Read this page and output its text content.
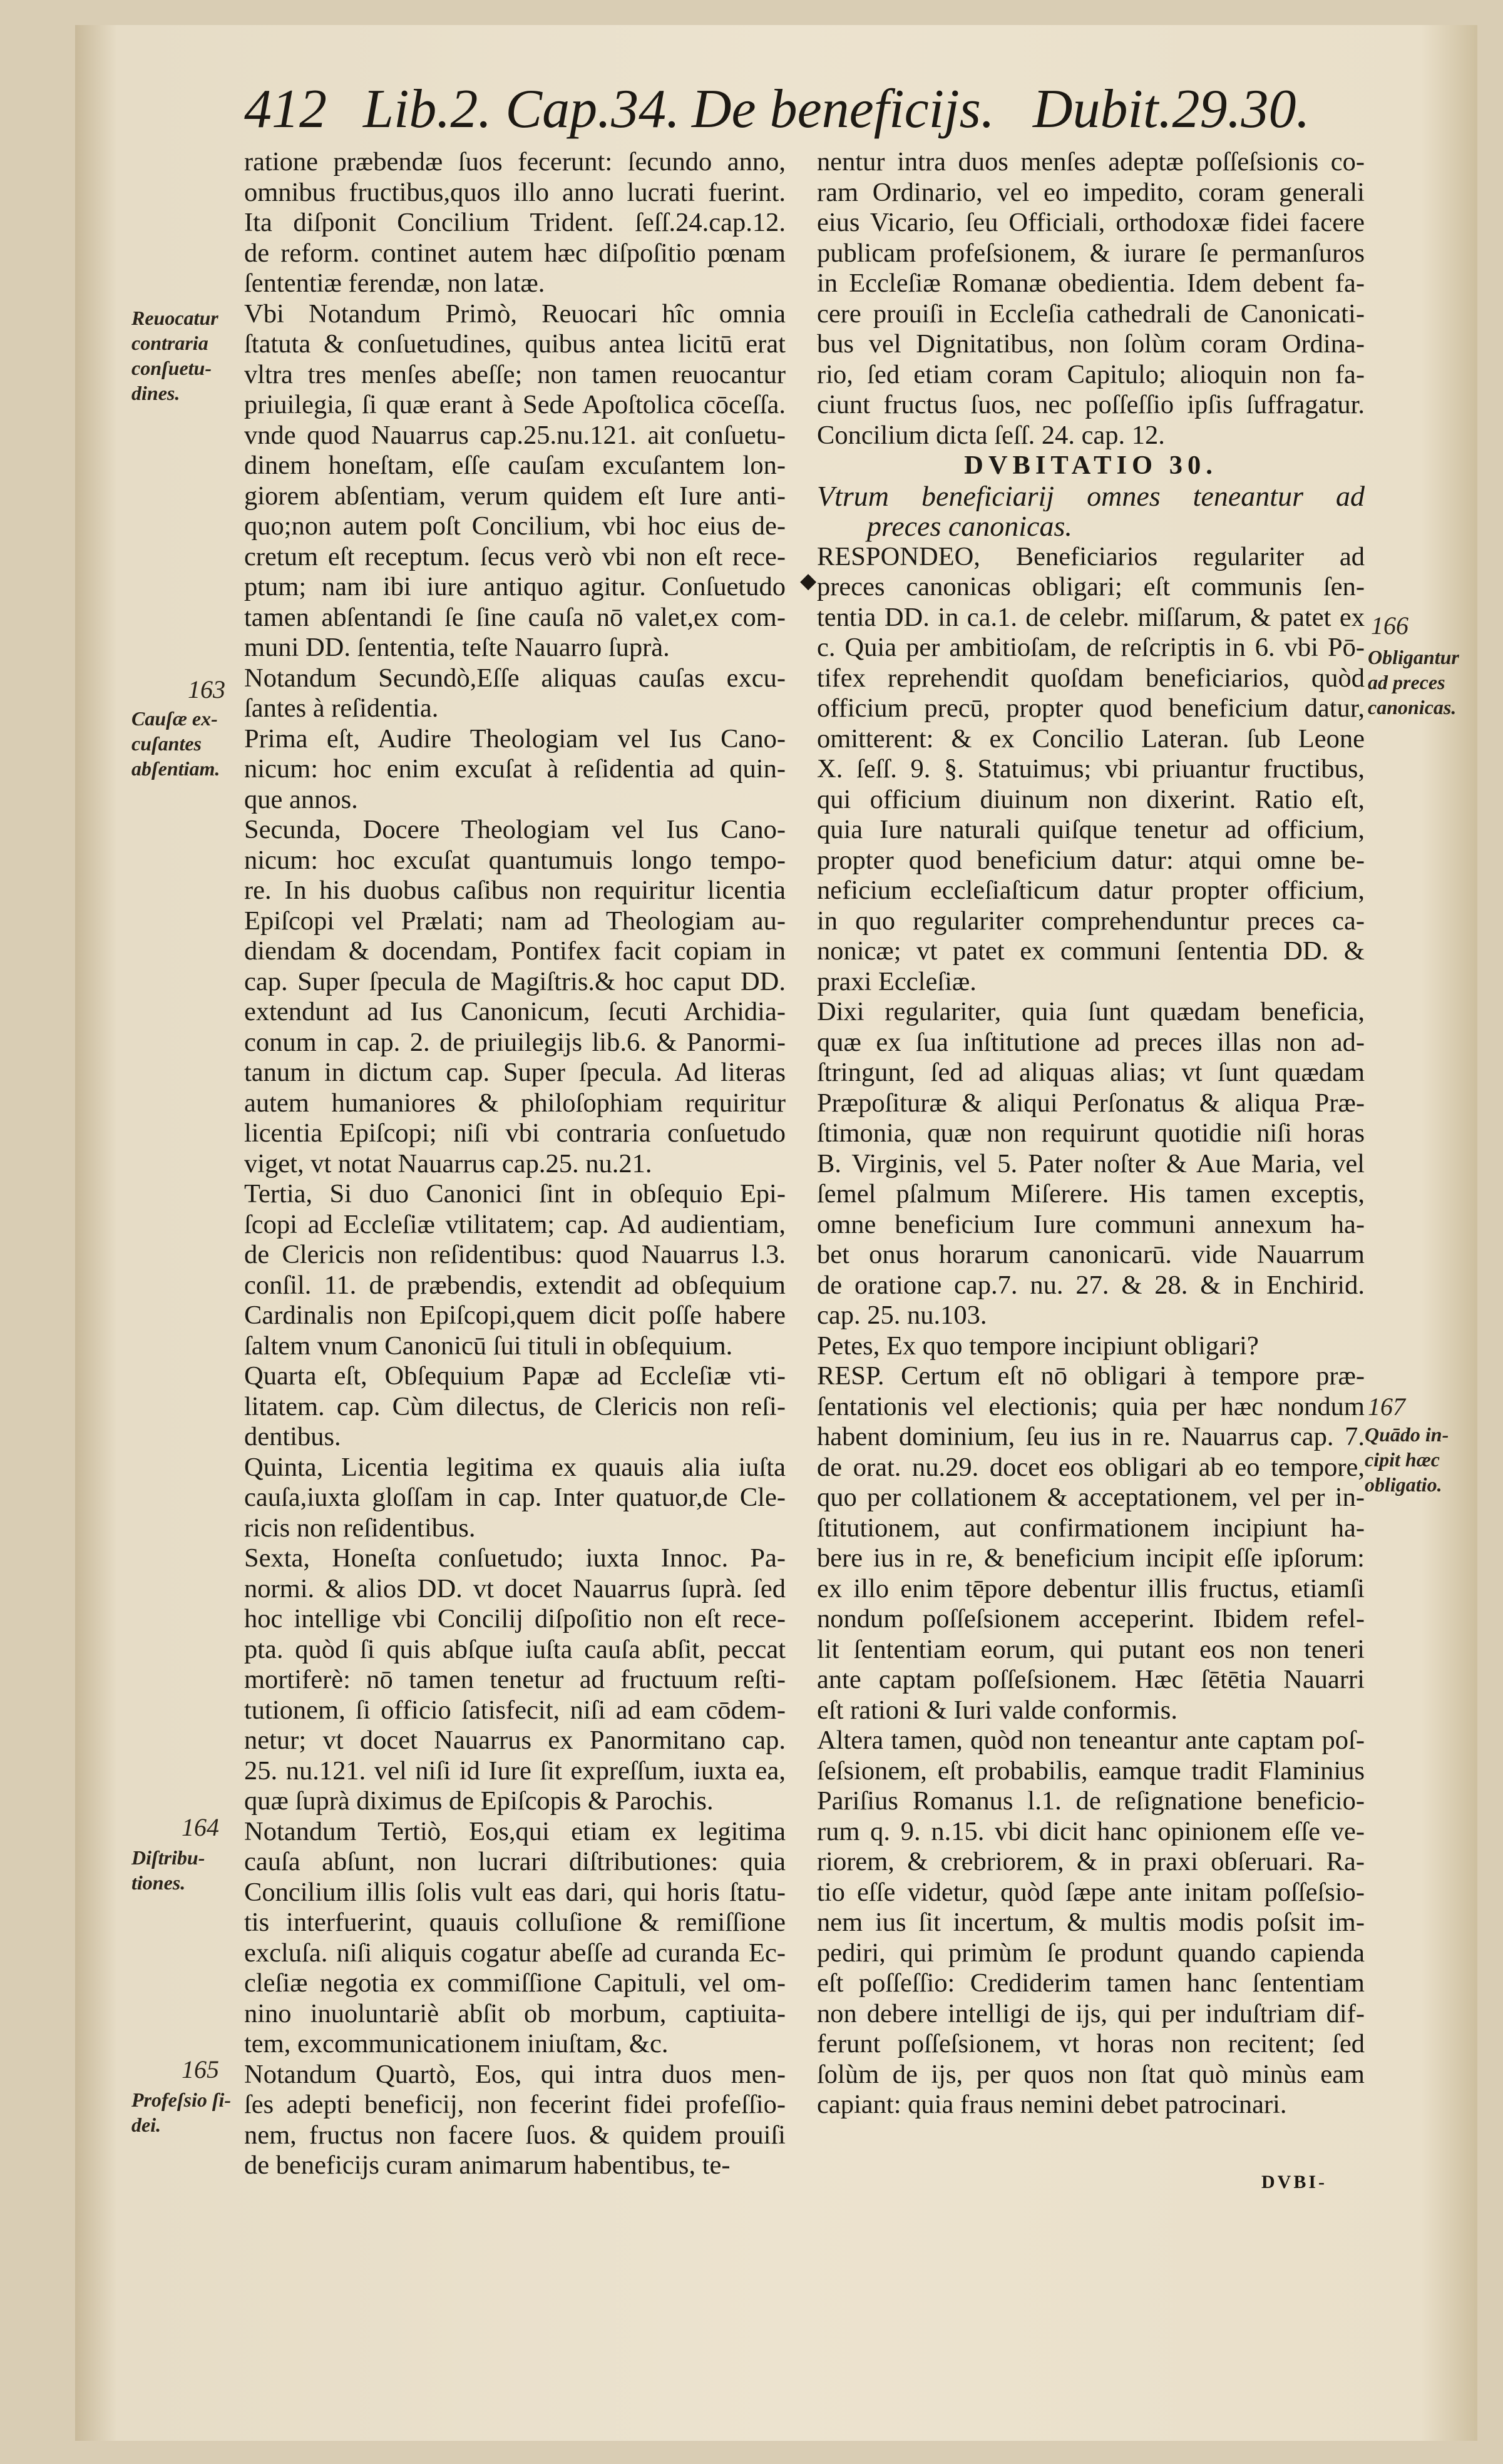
412 Lib.2. Cap.34. De beneficijs. Dubit.29.30.

ratione præbendæ ſuos fecerunt: ſecundo anno,

omnibus fructibus,quos illo anno lucrati fuerint.

Ita diſponit Concilium Trident. ſeſſ.24.cap.12.

de reform. continet autem hæc diſpoſitio pœnam

ſententiæ ferendæ, non latæ.

Vbi Notandum Primò, Reuocari hîc omnia

ſtatuta & conſuetudines, quibus antea licitū erat

vltra tres menſes abeſſe; non tamen reuocantur

priuilegia, ſi quæ erant à Sede Apoſtolica cōceſſa.

vnde quod Nauarrus cap.25.nu.121. ait conſuetu-

dinem honeſtam, eſſe cauſam excuſantem lon-

giorem abſentiam, verum quidem eſt Iure anti-

quo;non autem poſt Concilium, vbi hoc eius de-

cretum eſt receptum. ſecus verò vbi non eſt rece-

ptum; nam ibi iure antiquo agitur. Conſuetudo

tamen abſentandi ſe ſine cauſa nō valet,ex com-

muni DD. ſententia, teſte Nauarro ſuprà.

Notandum Secundò,Eſſe aliquas cauſas excu-

ſantes à reſidentia.

Prima eſt, Audire Theologiam vel Ius Cano-

nicum: hoc enim excuſat à reſidentia ad quin-

que annos.

Secunda, Docere Theologiam vel Ius Cano-

nicum: hoc excuſat quantumuis longo tempo-

re. In his duobus caſibus non requiritur licentia

Epiſcopi vel Prælati; nam ad Theologiam au-

diendam & docendam, Pontifex facit copiam in

cap. Super ſpecula de Magiſtris.& hoc caput DD.

extendunt ad Ius Canonicum, ſecuti Archidia-

conum in cap. 2. de priuilegijs lib.6. & Panormi-

tanum in dictum cap. Super ſpecula. Ad literas

autem humaniores & philoſophiam requiritur

licentia Epiſcopi; niſi vbi contraria conſuetudo

viget, vt notat Nauarrus cap.25. nu.21.

Tertia, Si duo Canonici ſint in obſequio Epi-

ſcopi ad Eccleſiæ vtilitatem; cap. Ad audientiam,

de Clericis non reſidentibus: quod Nauarrus l.3.

conſil. 11. de præbendis, extendit ad obſequium

Cardinalis non Epiſcopi,quem dicit poſſe habere

ſaltem vnum Canonicū ſui tituli in obſequium.

Quarta eſt, Obſequium Papæ ad Eccleſiæ vti-

litatem. cap. Cùm dilectus, de Clericis non reſi-

dentibus.

Quinta, Licentia legitima ex quauis alia iuſta

cauſa,iuxta gloſſam in cap. Inter quatuor,de Cle-

ricis non reſidentibus.

Sexta, Honeſta conſuetudo; iuxta Innoc. Pa-

normi. & alios DD. vt docet Nauarrus ſuprà. ſed

hoc intellige vbi Concilij diſpoſitio non eſt rece-

pta. quòd ſi quis abſque iuſta cauſa abſit, peccat

mortiferè: nō tamen tenetur ad fructuum reſti-

tutionem, ſi officio ſatisfecit, niſi ad eam cōdem-

netur; vt docet Nauarrus ex Panormitano cap.

25. nu.121. vel niſi id Iure ſit expreſſum, iuxta ea,

quæ ſuprà diximus de Epiſcopis & Parochis.

Notandum Tertiò, Eos,qui etiam ex legitima

cauſa abſunt, non lucrari diſtributiones: quia

Concilium illis ſolis vult eas dari, qui horis ſtatu-

tis interfuerint, quauis colluſione & remiſſione

excluſa. niſi aliquis cogatur abeſſe ad curanda Ec-

cleſiæ negotia ex commiſſione Capituli, vel om-

nino inuoluntariè abſit ob morbum, captiuita-

tem, excommunicationem iniuſtam, &c.

Notandum Quartò, Eos, qui intra duos men-

ſes adepti beneficij, non fecerint fidei profeſſio-

nem, fructus non facere ſuos. & quidem prouiſi

de beneficijs curam animarum habentibus, te-

nentur intra duos menſes adeptæ poſſeſsionis co-

ram Ordinario, vel eo impedito, coram generali

eius Vicario, ſeu Officiali, orthodoxæ fidei facere

publicam profeſsionem, & iurare ſe permanſuros

in Eccleſiæ Romanæ obedientia. Idem debent fa-

cere prouiſi in Eccleſia cathedrali de Canonicati-

bus vel Dignitatibus, non ſolùm coram Ordina-

rio, ſed etiam coram Capitulo; alioquin non fa-

ciunt fructus ſuos, nec poſſeſſio ipſis ſuffragatur.

Concilium dicta ſeſſ. 24. cap. 12.

DVBITATIO 30.

Vtrum beneficiarij omnes teneantur ad

preces canonicas.

RESPONDEO, Beneficiarios regulariter ad

preces canonicas obligari; eſt communis ſen-

tentia DD. in ca.1. de celebr. miſſarum, & patet ex

c. Quia per ambitioſam, de reſcriptis in 6. vbi Pō-

tifex reprehendit quoſdam beneficiarios, quòd

officium precū, propter quod beneficium datur,

omitterent: & ex Concilio Lateran. ſub Leone

X. ſeſſ. 9. §. Statuimus; vbi priuantur fructibus,

qui officium diuinum non dixerint. Ratio eſt,

quia Iure naturali quiſque tenetur ad officium,

propter quod beneficium datur: atqui omne be-

neficium eccleſiaſticum datur propter officium,

in quo regulariter comprehenduntur preces ca-

nonicæ; vt patet ex communi ſententia DD. &

praxi Eccleſiæ.

Dixi regulariter, quia ſunt quædam beneficia,

quæ ex ſua inſtitutione ad preces illas non ad-

ſtringunt, ſed ad aliquas alias; vt ſunt quædam

Præpoſituræ & aliqui Perſonatus & aliqua Præ-

ſtimonia, quæ non requirunt quotidie niſi horas

B. Virginis, vel 5. Pater noſter & Aue Maria, vel

ſemel pſalmum Miſerere. His tamen exceptis,

omne beneficium Iure communi annexum ha-

bet onus horarum canonicarū. vide Nauarrum

de oratione cap.7. nu. 27. & 28. & in Enchirid.

cap. 25. nu.103.

Petes, Ex quo tempore incipiunt obligari?

RESP. Certum eſt nō obligari à tempore præ-

ſentationis vel electionis; quia per hæc nondum

habent dominium, ſeu ius in re. Nauarrus cap. 7.

de orat. nu.29. docet eos obligari ab eo tempore,

quo per collationem & acceptationem, vel per in-

ſtitutionem, aut confirmationem incipiunt ha-

bere ius in re, & beneficium incipit eſſe ipſorum:

ex illo enim tēpore debentur illis fructus, etiamſi

nondum poſſeſsionem acceperint. Ibidem refel-

lit ſententiam eorum, qui putant eos non teneri

ante captam poſſeſsionem. Hæc ſētētia Nauarri

eſt rationi & Iuri valde conformis.

Altera tamen, quòd non teneantur ante captam poſ-

ſeſsionem, eſt probabilis, eamque tradit Flaminius

Pariſius Romanus l.1. de reſignatione beneficio-

rum q. 9. n.15. vbi dicit hanc opinionem eſſe ve-

riorem, & crebriorem, & in praxi obſeruari. Ra-

tio eſſe videtur, quòd ſæpe ante initam poſſeſsio-

nem ius ſit incertum, & multis modis poſsit im-

pediri, qui primùm ſe produnt quando capienda

eſt poſſeſſio: Crediderim tamen hanc ſententiam

non debere intelligi de ijs, qui per induſtriam dif-

ferunt poſſeſsionem, vt horas non recitent; ſed

ſolùm de ijs, per quos non ſtat quò minùs eam

capiant: quia fraus nemini debet patrocinari.

◆
Reuocatur
contraria
conſuetu-
dines.
163
Cauſæ ex-
cuſantes
abſentiam.
164
Diſtribu-
tiones.
165
Profeſsio ſi-
dei.
166
Obligantur
ad preces
canonicas.
167
Quādo in-
cipit hæc
obligatio.
DVBI-
